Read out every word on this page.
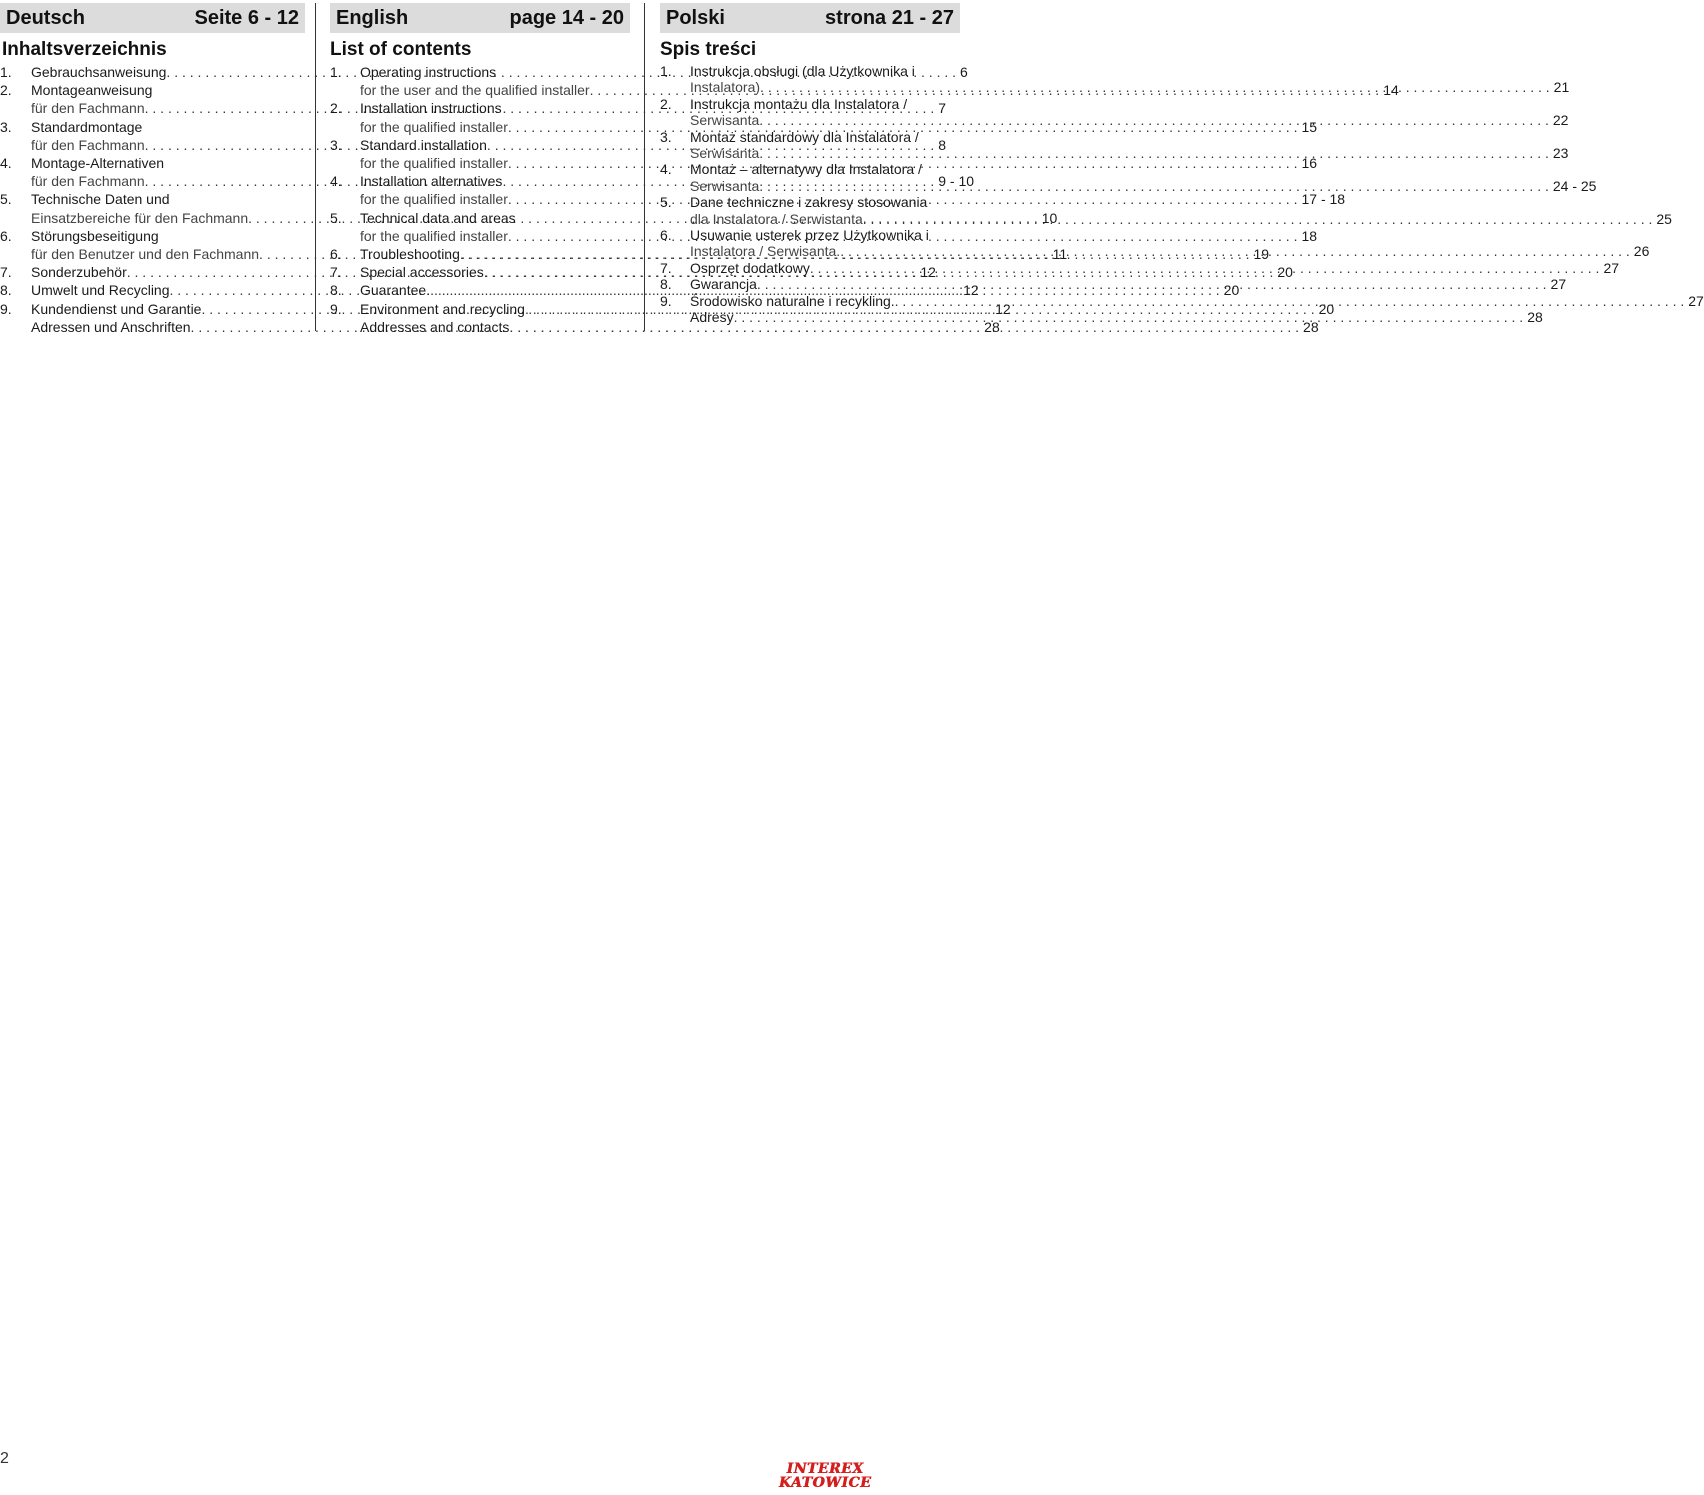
Deutsch	Seite 6 - 12
Inhaltsverzeichnis
1.	Gebrauchsanweisung . . .	6
2.	Montageanweisung
für den Fachmann . . .	7
3.	Standardmontage
für den Fachmann . . .	8
4.	Montage-Alternativen
für den Fachmann . . .	9 - 10
5.	Technische Daten und
Einsatzbereiche für den Fachmann . . .	10
6.	Störungsbeseitigung
für den Benutzer und den Fachmann . . .	11
7.	Sonderzubehör . . .	12
8.	Umwelt und Recycling . . .	12
9.	Kundendienst und Garantie . . .	12
Adressen und Anschriften . . .	28
English	page 14 - 20
List of contents
1.	Operating instructions
for the user and the qualified installer . . .	14
2.	Installation instructions
for the qualified installer . . .	15
3.	Standard installation
for the qualified installer . . .	16
4.	Installation alternatives
for the qualified installer . . .	17 - 18
5.	Technical data and areas
for the qualified installer . . .	18
6.	Troubleshooting . . .	19
7.	Special accessories . . .	20
8.	Guarantee. . . .	20
9.	Environment and recycling . . .	20
Addresses and contacts . . .	28
Polski	strona 21 - 27
Spis treści
1.	Instrukcja obsługi (dla Użytkownika i
Instalatora) . . .	21
2.	Instrukcja montażu dla Instalatora /
Serwisanta . . .	22
3.	Montaż standardowy dla Instalatora /
Serwisanta . . .	23
4.	Montaż – alternatywy dla Instalatora /
Serwisanta . . .	24 - 25
5.	Dane techniczne i zakresy stosowania
dla Instalatora / Serwistanta . . .	25
6.	Usuwanie usterek przez Użytkownika i
Instalatora / Serwisanta. . . .	26
7.	Osprzęt dodatkowy . . .	27
8.	Gwarancja . . .	27
9.	Środowisko naturalne i recykling. . . .	27
Adresy . . .	28
2
INTEREX
KATOWICE
